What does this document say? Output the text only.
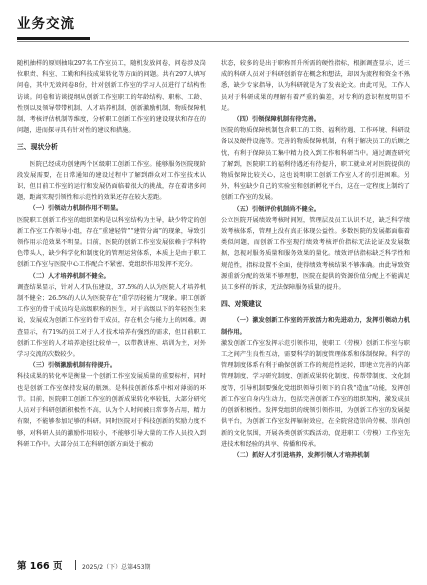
业务交流

随机抽样的原则抽取297名工作室员工，随机发放问卷，问卷涉及岗位职责、科室、工勤和科技成果转化等方面的问题。共有297人填写问卷，其中无效问卷8份，针对创新工作室的学习人员进行了结构性访谈。问卷和访谈提纲从创新工作室职工的年龄结构、职称、工龄、性别以及领导带带机制、人才培养机制、创新激励机制、物质保障机制、考核评估机制等维度，分析职工创新工作室的建设现状和存在的问题，进而探寻具有针对性的建议和措施。

三、现状分析

医院已经成功创建两个区级职工创新工作室。能够服务医院现阶段发展需要，在日常通知的建设过程中了解到群众对工作室技术认识，但目前工作室的运行和发展仍面临着很大的挑战，存在着诸多问题，距离实现引领性和示范性的效果还存在较大差距。

（一）引领动力机制作用不明显。

医院职工创新工作室的组织架构是以科室结构为主导，缺少特定的创新工作室工作领导小组，存在“重建轻管”“建管分离”的现象，导致引领作用示范效果不明显。目前，医院的创新工作室发展依赖于学科特色带头人，缺少科学化和制度化的管理运营体系，本质上是由于职工创新工作室与医院中心工作配合不紧密、党组织作用发挥不充分。

（二）人才培养机制不健全。

调查结果显示，针对人才队伍建设，37.5%的人认为医院人才培养机制不健全；26.5%的人认为医院存在“重学历轻能力”现象。职工创新工作室的骨干成员均是高级职称的医生，对于高级以下的年轻医生来说，发展成为创新工作室的骨干成员，存在机会与能力上的困难。调查显示，有71%的员工对于人才技术培养有强烈的需求，但目前职工创新工作室的人才培养途径比较单一，以带教讲座、培训为主，对外学习交流的次数较少。

（三）引领激励机制有待提升。

科技成果的转化率是衡量一个创新工作室发展质量的重要标杆，同时也是创新工作室保持发展的瓶颈。是科技创新体系中相对薄弱的环节。目前，医院职工创新工作室的创新成果转化率较低，大部分研究人员对于科研创新积极性不高，认为个人时间被日常事务占用，精力有限，不能够参加足够的科研。同时医院对于科技创新的奖励力度不够，对科研人员的激励作用较小，不能够引导大量的工作人员投入到科研工作中。大部分员工在科研创新方面处于被动

状态，较多的是出于职称晋升所需的硬性指标，根据调查显示，近三成的科研人员对于科研创新存在概念和想法，却因为流程和资金不熟悉，缺少专家指导，认为科研就是为了发表论文。由此可见，工作人员对于科研成果的理解有着严重的偏差，对专利的意识程度明显不足。

（四）引领保障机制有待完善。

医院的物质保障机制包含职工的工资、福利待遇、工作环境、科研设备以及硬件设施等。完善的物质保障机制，有利于解决员工的后顾之忧，有利于保障员工集中精力投入到工作和科研当中。通过调查研究了解到，医院职工的福利待遇还有待提升，职工就业对对医院提供的物质保障比较关心，这也说明职工创新工作室人才的引进困难。另外，科室缺少自己的实验室和创新孵化平台，这在一定程度上制约了创新工作室的发展。

（五）引领评价机制尚不健全。

公立医院开展绩效考核时间短，管理层及员工认识不足，缺乏科学绩效考核体系，管理上没有真正体现公益性。多数医院的发展都面临着类似问题，而创新工作室现行绩效考核评价指标无法论证及发展数据，忽视对服务质量和服务效果的量化。绩效评估指标缺乏科学性和规范性，指标设置不全面，使得绩效考核结果不够准确。由此导致资源重新分配的效果不够理想，医院在提供的资源价值分配上不能满足员工多样的诉求，无法保障服务质量的提升。

四、对策建议

（一）激发创新工作室的开放活力和先进动力，发挥引领动力机制作用。

激发创新工作室发挥示范引领作用，使职工（劳模）创新工作室与职工之间产生良性互动，需要科学的制度管理体系和体制保障。科学的管理制度体系有利于确保创新工作的规范性运转，即建立完善的内部管理制度、学习研究制度、创新成果转化制度、传帮带制度、文化制度等，引导机制要强化党组织领导引领下的自我“造血”功能，发挥创新工作室自身内生动力，包括完善创新工作室的组织架构，激发成员的创新积极性。发挥党组织的统领引领作用，为创新工作室的发展提供平台，为创新工作室发挥辐射效应，在全院营造崇尚劳模、崇尚创新的文化氛围，开展各类创新实践活动，促进职工（劳模）工作室先进技术和经验的共享、传播和传承。

（二）抓好人才引进培养，发挥引领人才培养机制

第 166 页	2025/2（下）总第453期
